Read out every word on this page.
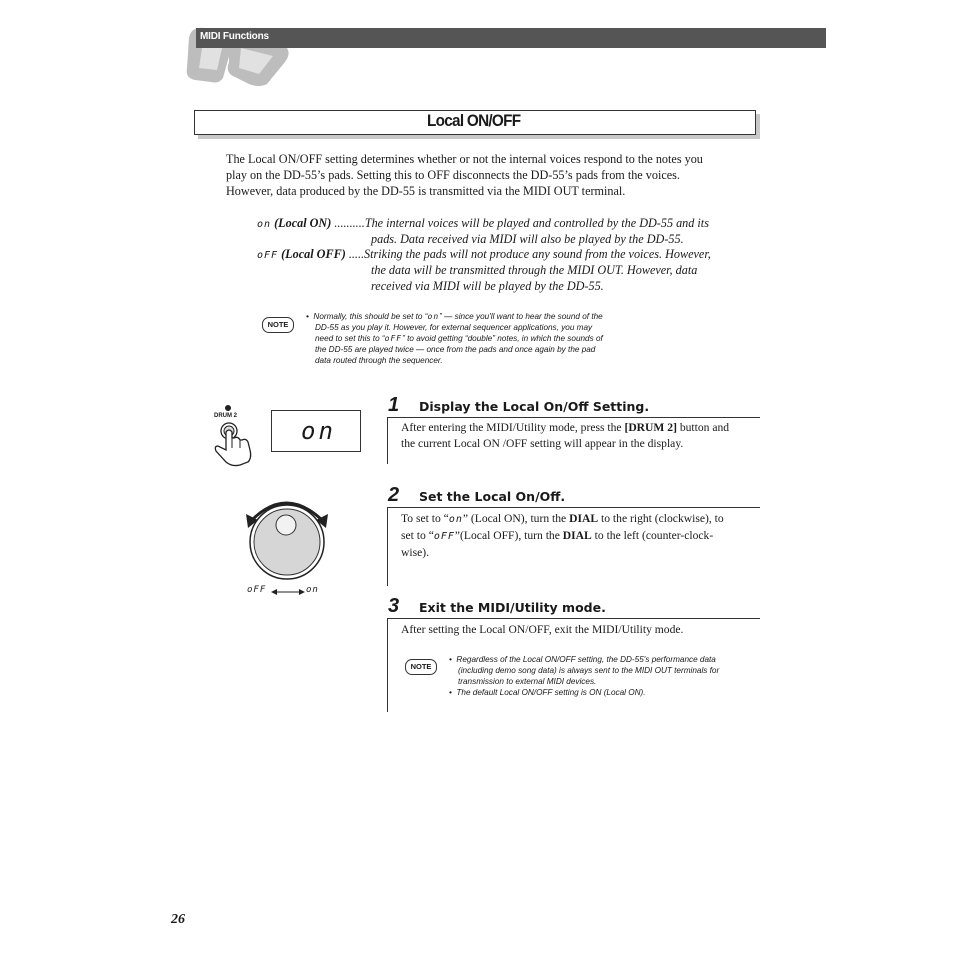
MIDI Functions
Local ON/OFF
The Local ON/OFF setting determines whether or not the internal voices respond to the notes you play on the DD-55’s pads. Setting this to OFF disconnects the DD-55’s pads from the voices. However, data produced by the DD-55 is transmitted via the MIDI OUT terminal.
on (Local ON) ..........The internal voices will be played and controlled by the DD-55 and its
pads. Data received via MIDI will also be played by the DD-55.
oFF (Local OFF) .....Striking the pads will not produce any sound from the voices. However,
the data will be transmitted through the MIDI OUT. However, data
received via MIDI will be played by the DD-55.
NOTE
•  Normally, this should be set to “on” — since you'll want to hear the sound of the
DD-55 as you play it. However, for external sequencer applications, you may
need to set this to “oFF” to avoid getting “double” notes, in which the sounds of
the DD-55 are played twice — once from the pads and once again by the pad
data routed through the sequencer.
DRUM 2
on
oFF	on
1 Display the Local On/Off Setting.
After entering the MIDI/Utility mode, press the [DRUM 2] button and
the current Local ON /OFF setting will appear in the display.
2 Set the Local On/Off.
To set to “on” (Local ON), turn the DIAL to the right (clockwise), to
set to “oFF”(Local OFF), turn the DIAL to the left (counter-clock-
wise).
3 Exit the MIDI/Utility mode.
After setting the Local ON/OFF, exit the MIDI/Utility mode.
NOTE
•  Regardless of the Local ON/OFF setting, the DD-55's performance data
(including demo song data) is always sent to the MIDI OUT terminals for
transmission to external MIDI devices.
•  The default Local ON/OFF setting is ON (Local ON).
26
